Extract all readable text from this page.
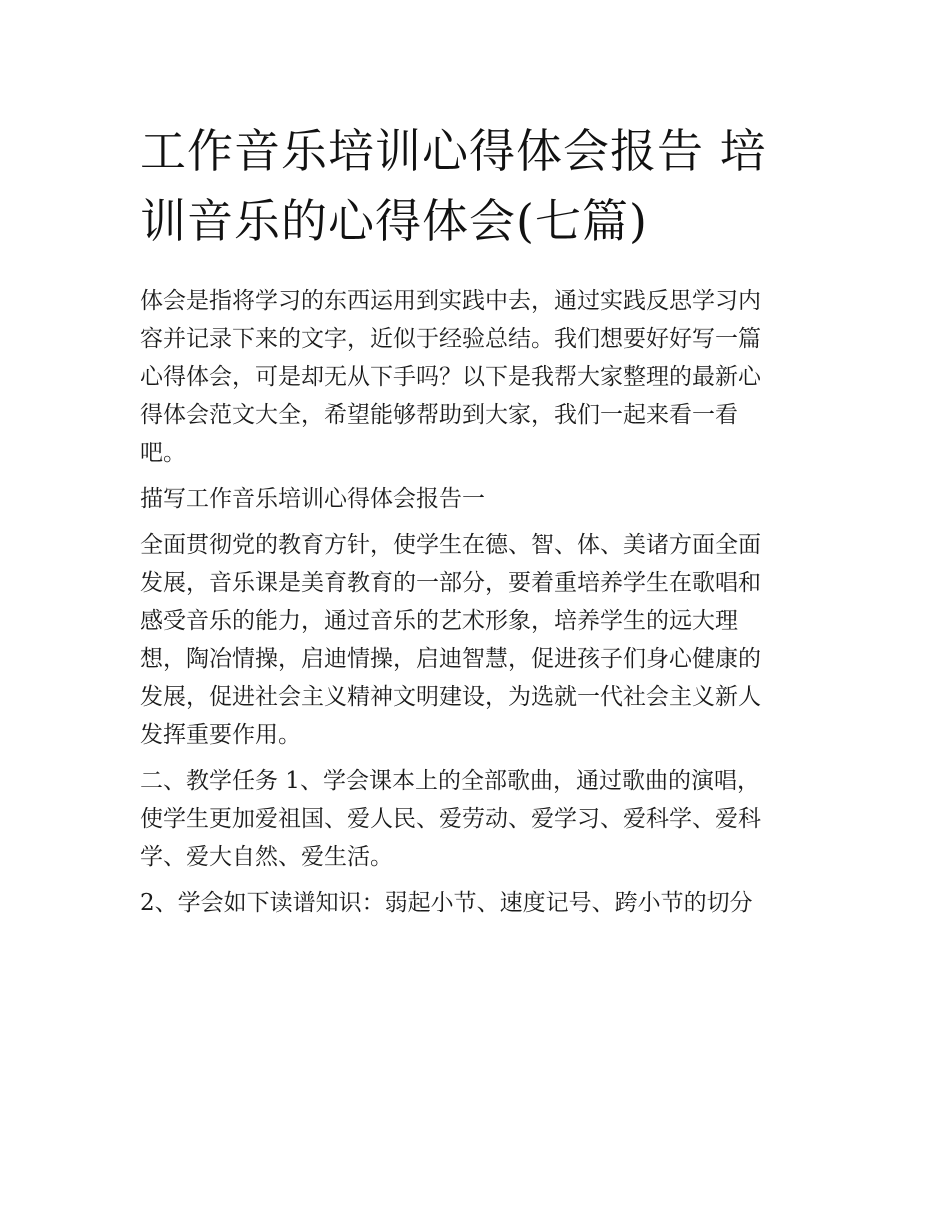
工作音乐培训心得体会报告 培
训音乐的心得体会(七篇)

体会是指将学习的东西运用到实践中去，通过实践反思学习内
容并记录下来的文字，近似于经验总结。我们想要好好写一篇
心得体会，可是却无从下手吗？以下是我帮大家整理的最新心
得体会范文大全，希望能够帮助到大家，我们一起来看一看
吧。

描写工作音乐培训心得体会报告一

全面贯彻党的教育方针，使学生在德、智、体、美诸方面全面
发展，音乐课是美育教育的一部分，要着重培养学生在歌唱和
感受音乐的能力，通过音乐的艺术形象，培养学生的远大理
想，陶冶情操，启迪情操，启迪智慧，促进孩子们身心健康的
发展，促进社会主义精神文明建设，为选就一代社会主义新人
发挥重要作用。

二、教学任务 1、学会课本上的全部歌曲，通过歌曲的演唱，
使学生更加爱祖国、爱人民、爱劳动、爱学习、爱科学、爱科
学、爱大自然、爱生活。

2、学会如下读谱知识：弱起小节、速度记号、跨小节的切分
